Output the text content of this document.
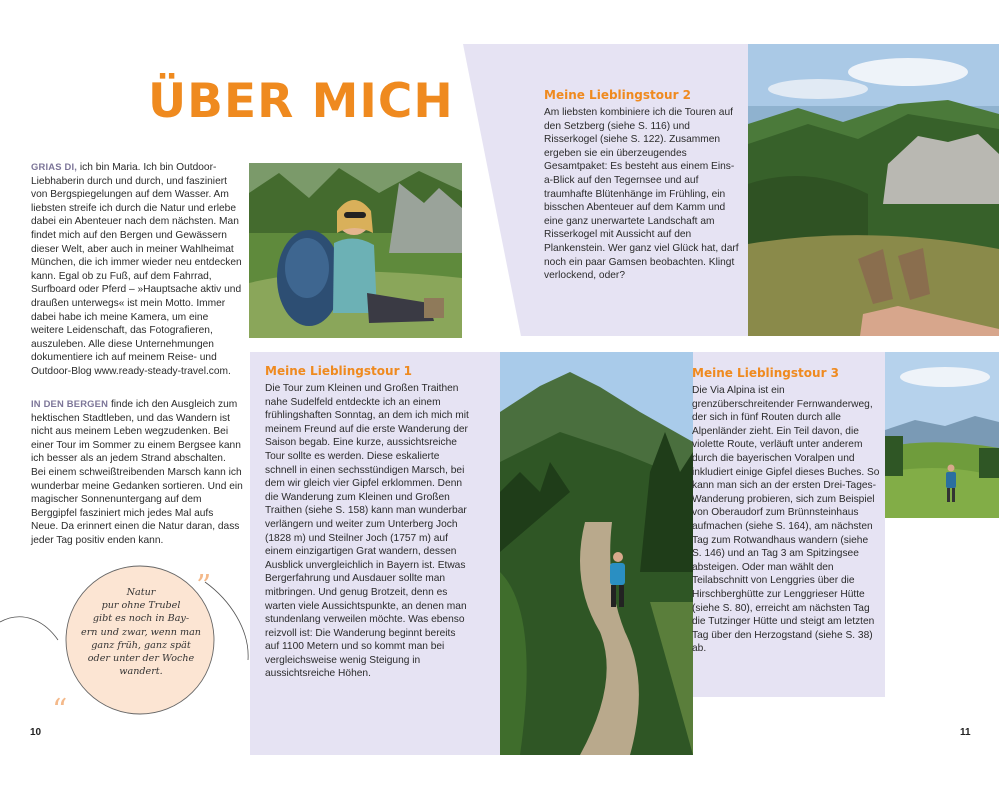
ÜBER MICH
GRIAS DI, ich bin Maria. Ich bin Outdoor-Liebhaberin durch und durch, und fasziniert von Bergspiegelungen auf dem Wasser. Am liebsten streife ich durch die Natur und erlebe dabei ein Abenteuer nach dem nächsten. Man findet mich auf den Bergen und Gewässern dieser Welt, aber auch in meiner Wahlheimat München, die ich immer wieder neu entdecken kann. Egal ob zu Fuß, auf dem Fahrrad, Surfboard oder Pferd – »Hauptsache aktiv und draußen unterwegs« ist mein Motto. Immer dabei habe ich meine Kamera, um eine weitere Leidenschaft, das Fotografieren, auszuleben. Alle diese Unternehmungen dokumentiere ich auf meinem Reise- und Outdoor-Blog www.ready-steady-travel.com.
IN DEN BERGEN finde ich den Ausgleich zum hektischen Stadtleben, und das Wandern ist nicht aus meinem Leben wegzudenken. Bei einer Tour im Sommer zu einem Bergsee kann ich besser als an jedem Strand abschalten. Bei einem schweißtreibenden Marsch kann ich wunderbar meine Gedanken sortieren. Und ein magischer Sonnenuntergang auf dem Berggipfel fasziniert mich jedes Mal aufs Neue. Da erinnert einen die Natur daran, dass jeder Tag positiv enden kann.
”
“
Natur
pur ohne Trubel
gibt es noch in Bay-
ern und zwar, wenn man
ganz früh, ganz spät
oder unter der Woche
wandert.
10	11
Meine Lieblingstour 2
Am liebsten kombiniere ich die Touren auf den Setzberg (siehe S. 116) und Risserkogel (siehe S. 122). Zusammen ergeben sie ein überzeugendes Gesamtpaket: Es besteht aus einem Eins-a-Blick auf den Tegernsee und auf traumhafte Blütenhänge im Frühling, ein bisschen Abenteuer auf dem Kamm und eine ganz unerwartete Landschaft am Risserkogel mit Aussicht auf den Plankenstein. Wer ganz viel Glück hat, darf noch ein paar Gamsen beobachten. Klingt verlockend, oder?
Meine Lieblingstour 1
Die Tour zum Kleinen und Großen Traithen nahe Sudelfeld entdeckte ich an einem frühlingshaften Sonntag, an dem ich mich mit meinem Freund auf die erste Wanderung der Saison begab. Eine kurze, aussichtsreiche Tour sollte es werden. Diese eskalierte schnell in einen sechsstündigen Marsch, bei dem wir gleich vier Gipfel erklommen. Denn die Wanderung zum Kleinen und Großen Traithen (siehe S. 158) kann man wunderbar verlängern und weiter zum Unterberg Joch (1828 m) und Steilner Joch (1757 m) auf einem einzigartigen Grat wandern, dessen Ausblick unvergleichlich in Bayern ist. Etwas Bergerfahrung und Ausdauer sollte man mitbringen. Und genug Brotzeit, denn es warten viele Aussichtspunkte, an denen man stundenlang verweilen möchte. Was ebenso reizvoll ist: Die Wanderung beginnt bereits auf 1100 Metern und so kommt man bei vergleichsweise wenig Steigung in aussichtsreiche Höhen.
Meine Lieblingstour 3
Die Via Alpina ist ein grenzüberschreitender Fernwanderweg, der sich in fünf Routen durch alle Alpenländer zieht. Ein Teil davon, die violette Route, verläuft unter anderem durch die bayerischen Voralpen und inkludiert einige Gipfel dieses Buches. So kann man sich an der ersten Drei-Tages-Wanderung probieren, sich zum Beispiel von Oberaudorf zum Brünnsteinhaus aufmachen (siehe S. 164), am nächsten Tag zum Rotwandhaus wandern (siehe S. 146) und an Tag 3 am Spitzingsee absteigen. Oder man wählt den Teilabschnitt von Lenggries über die Hirschberghütte zur Lenggrieser Hütte (siehe S. 80), erreicht am nächsten Tag die Tutzinger Hütte und steigt am letzten Tag über den Herzogstand (siehe S. 38) ab.
